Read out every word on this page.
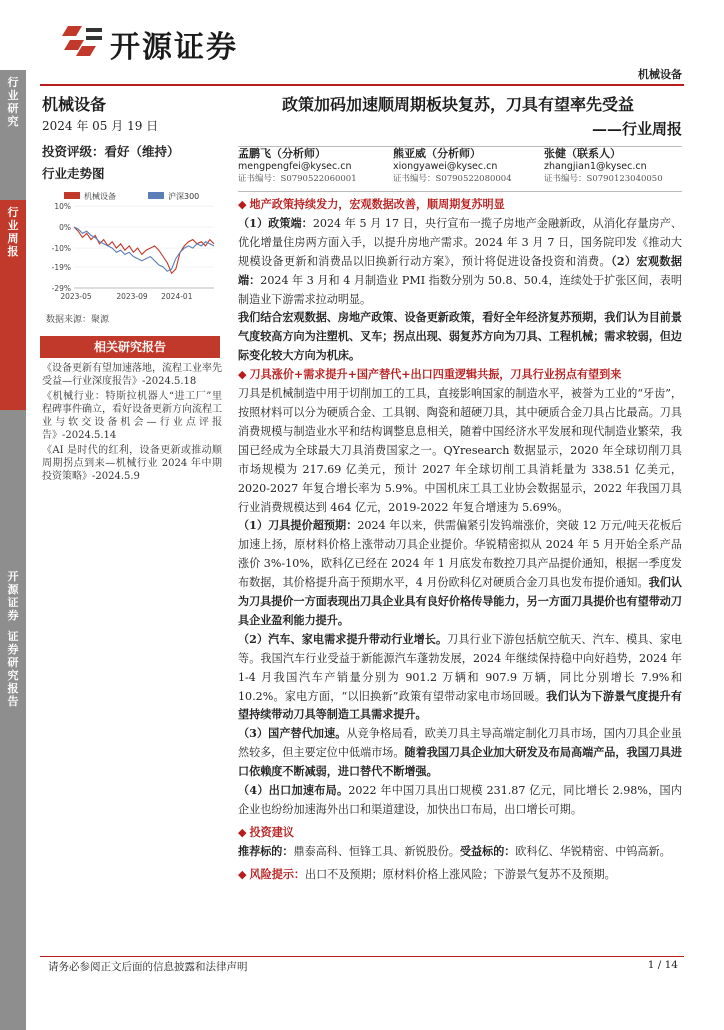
开源证券
机械设备
行
业
研
究
行
业
周
报
开
源
证
券
证
券
研
究
报
告
机械设备
2024 年 05 月 19 日
投资评级：看好（维持）
行业走势图
机械设备	沪深300
10%
0%
-10%
-19%
-29%
2023-05	2023-09 2024-01
数据来源：聚源
相关研究报告

《设备更新有望加速落地，流程工业率先受益—行业深度报告》-2024.5.18

《机械行业：特斯拉机器人“进工厂”里程碑事件确立，看好设备更新方向流程工业与软交设备机会—行业点评报告》-2024.5.14

《AI 是时代的红利，设备更新或推动顺周期拐点到来—机械行业 2024 年中期投资策略》-2024.5.9

政策加码加速顺周期板块复苏，刀具有望率先受益
——行业周报
孟鹏飞（分析师）
mengpengfei@kysec.cn
证书编号：S0790522060001
熊亚威（分析师）
xiongyawei@kysec.cn
证书编号：S0790522080004
张健（联系人）
zhangjian1@kysec.cn
证书编号：S0790123040050

◆ 地产政策持续发力，宏观数据改善，顺周期复苏明显

（1）政策端：2024 年 5 月 17 日，央行宣布一揽子房地产金融新政，从消化存量房产、优化增量住房两方面入手，以提升房地产需求。2024 年 3 月 7 日，国务院印发《推动大规模设备更新和消费品以旧换新行动方案》，预计将促进设备投资和消费。（2）宏观数据端：2024 年 3 月和 4 月制造业 PMI 指数分别为 50.8、50.4，连续处于扩张区间，表明制造业下游需求拉动明显。

我们结合宏观数据、房地产政策、设备更新政策，看好全年经济复苏预期，我们认为目前景气度较高方向为注塑机、叉车；拐点出现、弱复苏方向为刀具、工程机械；需求较弱，但边际变化较大方向为机床。

◆ 刀具涨价+需求提升+国产替代+出口四重逻辑共振，刀具行业拐点有望到来

刀具是机械制造中用于切削加工的工具，直接影响国家的制造水平，被誉为工业的“牙齿”，按照材料可以分为硬质合金、工具钢、陶瓷和超硬刀具，其中硬质合金刀具占比最高。刀具消费规模与制造业水平和结构调整息息相关，随着中国经济水平发展和现代制造业繁荣，我国已经成为全球最大刀具消费国家之一。QYresearch 数据显示，2020 年全球切削刀具市场规模为 217.69 亿美元，预计 2027 年全球切削工具消耗量为 338.51 亿美元，2020-2027 年复合增长率为 5.9%。中国机床工具工业协会数据显示，2022 年我国刀具行业消费规模达到 464 亿元，2019-2022 年复合增速为 5.69%。

（1）刀具提价超预期：2024 年以来，供需偏紧引发钨端涨价，突破 12 万元/吨天花板后加速上扬，原材料价格上涨带动刀具企业提价。华锐精密拟从 2024 年 5 月开始全系产品涨价 3%-10%，欧科亿已经在 2024 年 1 月底发布数控刀具产品提价通知，根据一季度发布数据，其价格提升高于预期水平，4 月份欧科亿对硬质合金刀具也发布提价通知。我们认为刀具提价一方面表现出刀具企业具有良好价格传导能力，另一方面刀具提价也有望带动刀具企业盈利能力提升。

（2）汽车、家电需求提升带动行业增长。刀具行业下游包括航空航天、汽车、模具、家电等。我国汽车行业受益于新能源汽车蓬勃发展，2024 年继续保持稳中向好趋势，2024 年 1-4 月我国汽车产销量分别为 901.2 万辆和 907.9 万辆，同比分别增长 7.9%和 10.2%。家电方面，“以旧换新”政策有望带动家电市场回暖。我们认为下游景气度提升有望持续带动刀具等制造工具需求提升。

（3）国产替代加速。从竞争格局看，欧美刀具主导高端定制化刀具市场，国内刀具企业虽然较多，但主要定位中低端市场。随着我国刀具企业加大研发及布局高端产品，我国刀具进口依赖度不断减弱，进口替代不断增强。

（4）出口加速布局。2022 年中国刀具出口规模 231.87 亿元，同比增长 2.98%，国内企业也纷纷加速海外出口和渠道建设，加快出口布局，出口增长可期。

◆ 投资建议

推荐标的：鼎泰高科、恒锋工具、新锐股份。受益标的：欧科亿、华锐精密、中钨高新。

◆ 风险提示：出口不及预期；原材料价格上涨风险；下游景气复苏不及预期。

请务必参阅正文后面的信息披露和法律声明	1 / 14
